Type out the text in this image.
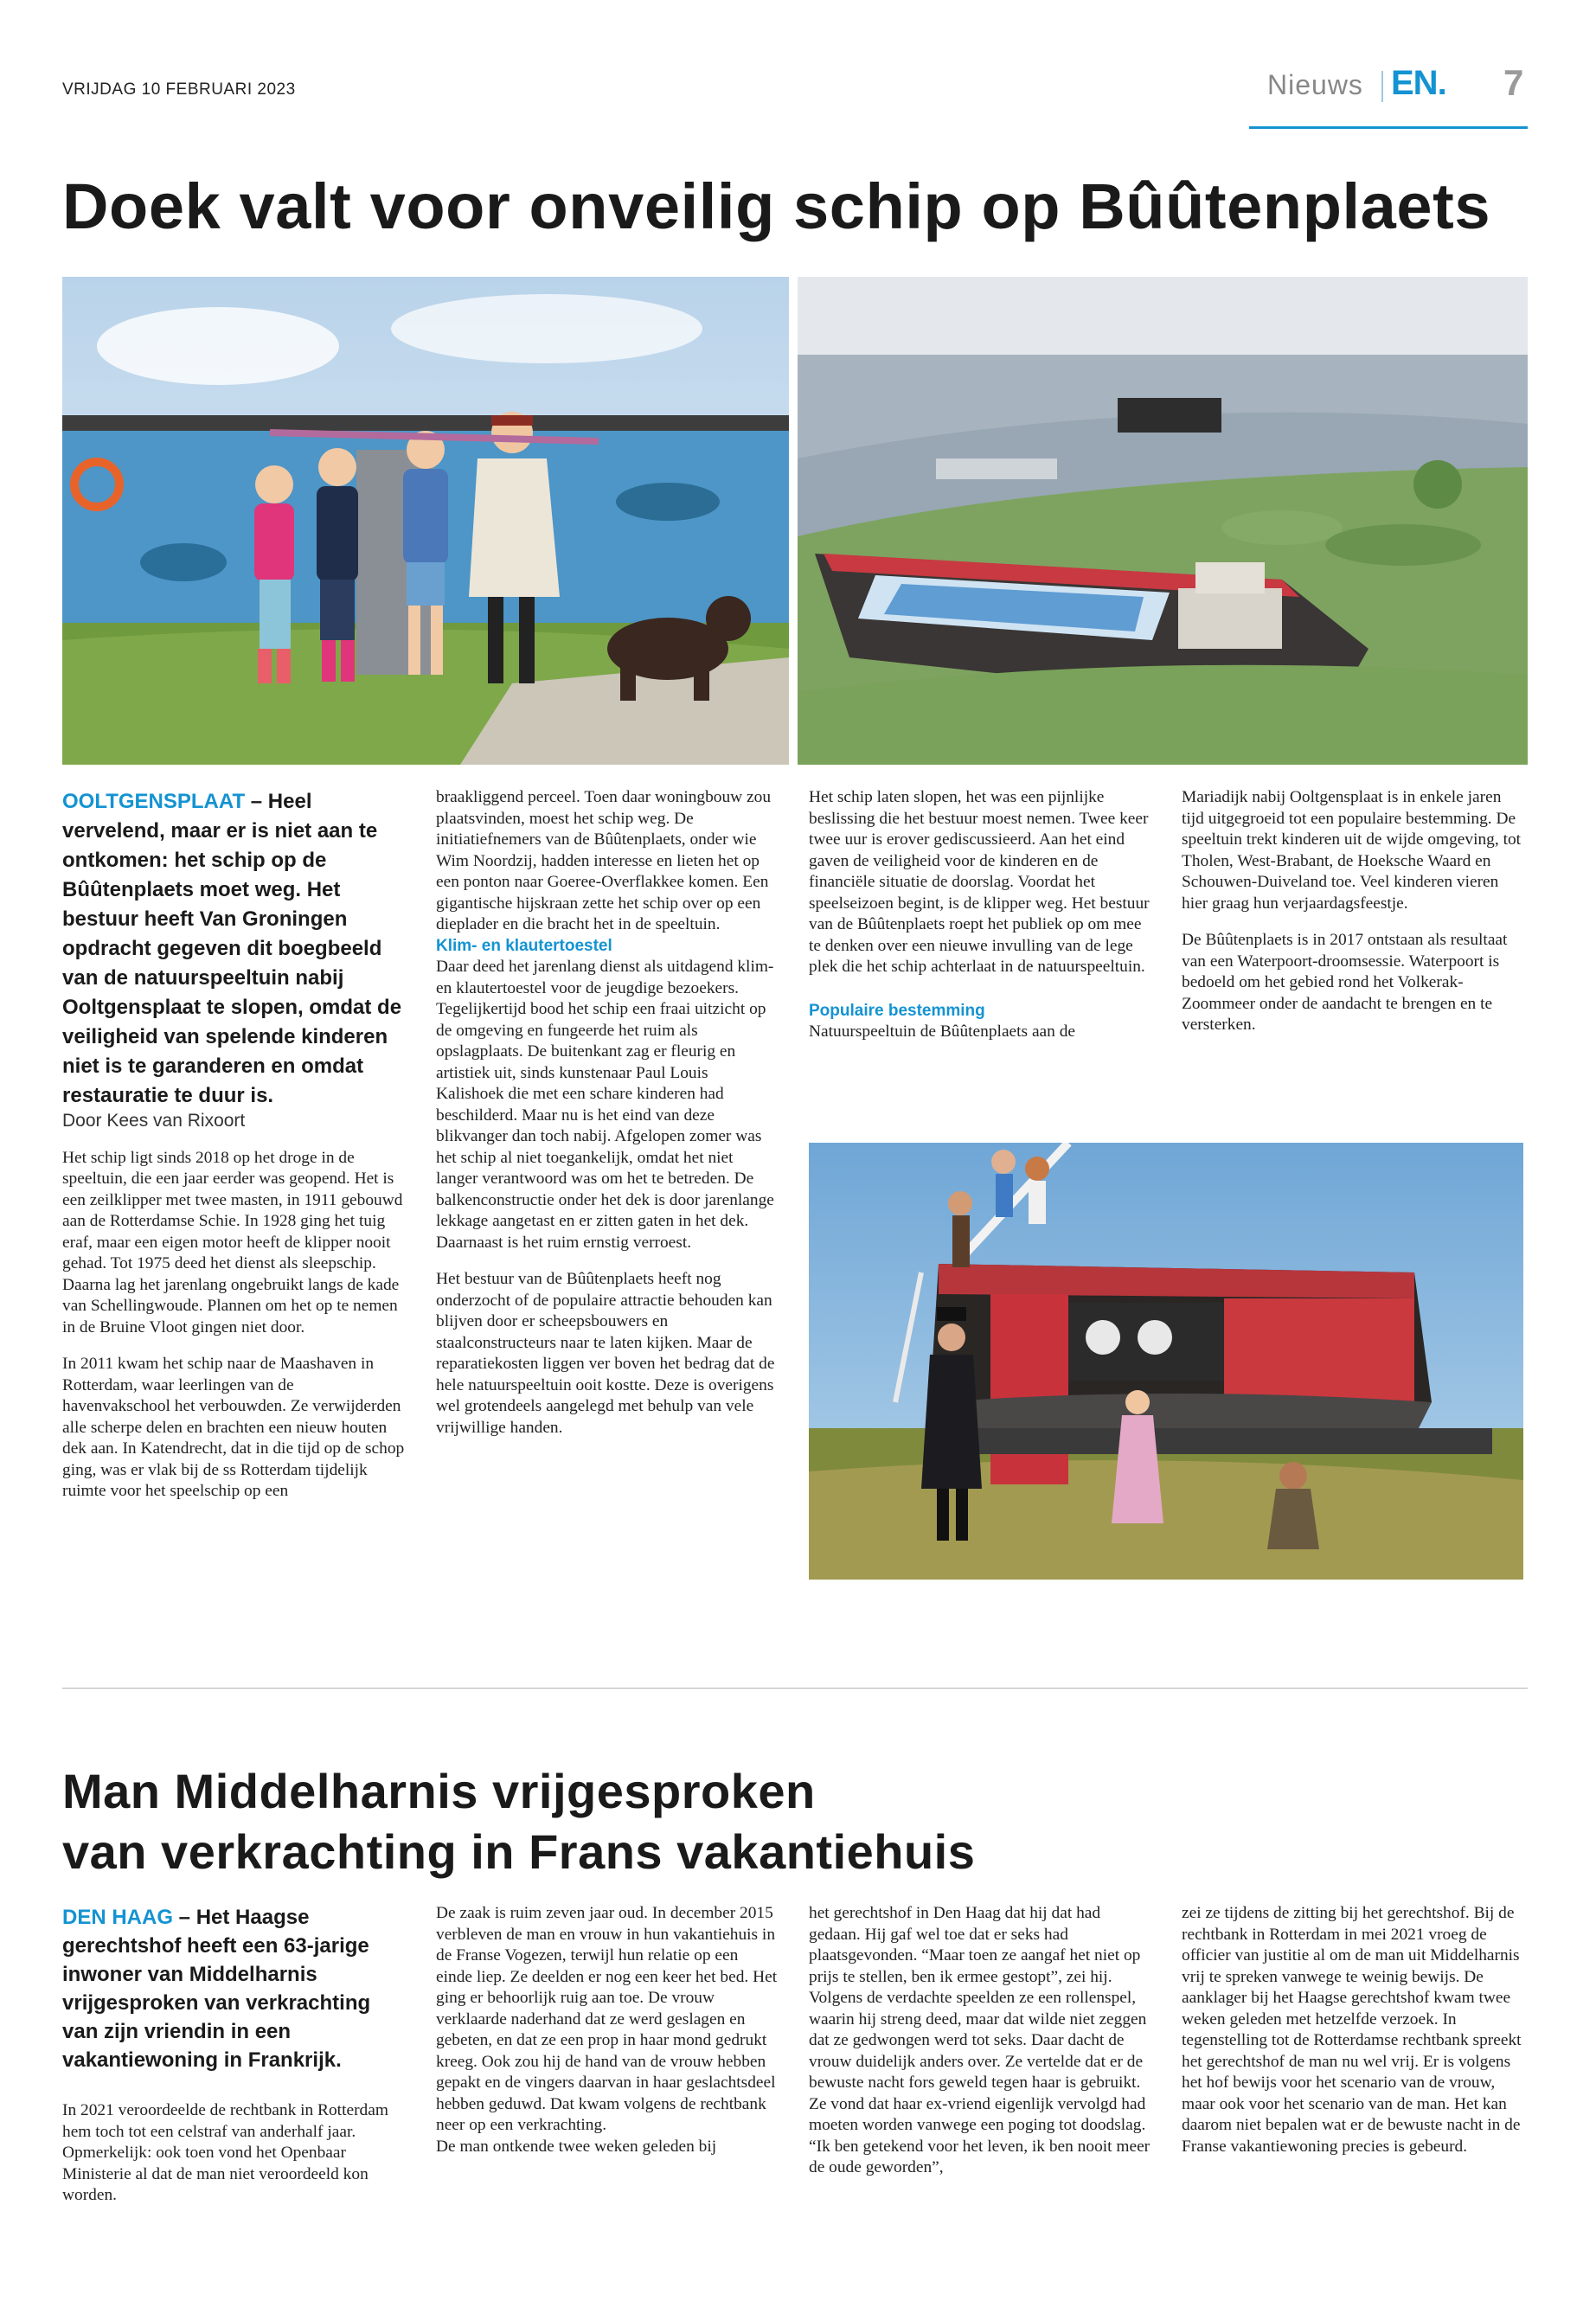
VRIJDAG 10 FEBRUARI 2023	Nieuws EN. 7
Doek valt voor onveilig schip op Bûûtenplaets

OOLTGENSPLAAT – Heel vervelend, maar er is niet aan te ontkomen: het schip op de Bûûtenplaets moet weg. Het bestuur heeft Van Groningen opdracht gegeven dit boegbeeld van de natuurspeeltuin nabij Ooltgensplaat te slopen, omdat de veiligheid van spelende kinderen niet is te garanderen en omdat restauratie te duur is.

Door Kees van Rixoort

Het schip ligt sinds 2018 op het droge in de speeltuin, die een jaar eerder was geopend. Het is een zeilklipper met twee masten, in 1911 gebouwd aan de Rotterdamse Schie. In 1928 ging het tuig eraf, maar een eigen motor heeft de klipper nooit gehad. Tot 1975 deed het dienst als sleepschip. Daarna lag het jarenlang ongebruikt langs de kade van Schellingwoude. Plannen om het op te nemen in de Bruine Vloot gingen niet door.

In 2011 kwam het schip naar de Maashaven in Rotterdam, waar leerlingen van de havenvakschool het verbouwden. Ze verwijderden alle scherpe delen en brachten een nieuw houten dek aan. In Katendrecht, dat in die tijd op de schop ging, was er vlak bij de ss Rotterdam tijdelijk ruimte voor het speelschip op een

braakliggend perceel. Toen daar woningbouw zou plaatsvinden, moest het schip weg. De initiatiefnemers van de Bûûtenplaets, onder wie Wim Noordzij, hadden interesse en lieten het op een ponton naar Goeree-Overflakkee komen. Een gigantische hijskraan zette het schip over op een dieplader en die bracht het in de speeltuin.

Klim- en klautertoestel

Daar deed het jarenlang dienst als uitdagend klim- en klautertoestel voor de jeugdige bezoekers. Tegelijkertijd bood het schip een fraai uitzicht op de omgeving en fungeerde het ruim als opslagplaats. De buitenkant zag er fleurig en artistiek uit, sinds kunstenaar Paul Louis Kalishoek die met een schare kinderen had beschilderd. Maar nu is het eind van deze blikvanger dan toch nabij. Afgelopen zomer was het schip al niet toegankelijk, omdat het niet langer verantwoord was om het te betreden. De balkenconstructie onder het dek is door jarenlange lekkage aangetast en er zitten gaten in het dek. Daarnaast is het ruim ernstig verroest.

Het bestuur van de Bûûtenplaets heeft nog onderzocht of de populaire attractie behouden kan blijven door er scheepsbouwers en staalconstructeurs naar te laten kijken. Maar de reparatiekosten liggen ver boven het bedrag dat de hele natuurspeeltuin ooit kostte. Deze is overigens wel grotendeels aangelegd met behulp van vele vrijwillige handen.

Het schip laten slopen, het was een pijnlijke beslissing die het bestuur moest nemen. Twee keer twee uur is erover gediscussieerd. Aan het eind gaven de veiligheid voor de kinderen en de financiële situatie de doorslag. Voordat het speelseizoen begint, is de klipper weg. Het bestuur van de Bûûtenplaets roept het publiek op om mee te denken over een nieuwe invulling van de lege plek die het schip achterlaat in de natuurspeeltuin.

Populaire bestemming

Natuurspeeltuin de Bûûtenplaets aan de

Mariadijk nabij Ooltgensplaat is in enkele jaren tijd uitgegroeid tot een populaire bestemming. De speeltuin trekt kinderen uit de wijde omgeving, tot Tholen, West-Brabant, de Hoeksche Waard en Schouwen-Duiveland toe. Veel kinderen vieren hier graag hun verjaardagsfeestje.

De Bûûtenplaets is in 2017 ontstaan als resultaat van een Waterpoort-droomsessie. Waterpoort is bedoeld om het gebied rond het Volkerak-Zoommeer onder de aandacht te brengen en te versterken.

Man Middelharnis vrijgesproken
van verkrachting in Frans vakantiehuis

DEN HAAG – Het Haagse gerechtshof heeft een 63-jarige inwoner van Middelharnis vrijgesproken van verkrachting van zijn vriendin in een vakantiewoning in Frankrijk.

In 2021 veroordeelde de rechtbank in Rotterdam hem toch tot een celstraf van anderhalf jaar. Opmerkelijk: ook toen vond het Openbaar Ministerie al dat de man niet veroordeeld kon worden.

De zaak is ruim zeven jaar oud. In december 2015 verbleven de man en vrouw in hun vakantiehuis in de Franse Vogezen, terwijl hun relatie op een einde liep. Ze deelden er nog een keer het bed. Het ging er behoorlijk ruig aan toe. De vrouw verklaarde naderhand dat ze werd geslagen en gebeten, en dat ze een prop in haar mond gedrukt kreeg. Ook zou hij de hand van de vrouw hebben gepakt en de vingers daarvan in haar geslachtsdeel hebben geduwd. Dat kwam volgens de rechtbank neer op een verkrachting.

De man ontkende twee weken geleden bij

het gerechtshof in Den Haag dat hij dat had gedaan. Hij gaf wel toe dat er seks had plaatsgevonden. “Maar toen ze aangaf het niet op prijs te stellen, ben ik ermee gestopt”, zei hij. Volgens de verdachte speelden ze een rollenspel, waarin hij streng deed, maar dat wilde niet zeggen dat ze gedwongen werd tot seks. Daar dacht de vrouw duidelijk anders over. Ze vertelde dat er de bewuste nacht fors geweld tegen haar is gebruikt. Ze vond dat haar ex-vriend eigenlijk vervolgd had moeten worden vanwege een poging tot doodslag. “Ik ben getekend voor het leven, ik ben nooit meer de oude geworden”,

zei ze tijdens de zitting bij het gerechtshof. Bij de rechtbank in Rotterdam in mei 2021 vroeg de officier van justitie al om de man uit Middelharnis vrij te spreken vanwege te weinig bewijs. De aanklager bij het Haagse gerechtshof kwam twee weken geleden met hetzelfde verzoek. In tegenstelling tot de Rotterdamse rechtbank spreekt het gerechtshof de man nu wel vrij. Er is volgens het hof bewijs voor het scenario van de vrouw, maar ook voor het scenario van de man. Het kan daarom niet bepalen wat er de bewuste nacht in de Franse vakantiewoning precies is gebeurd.
